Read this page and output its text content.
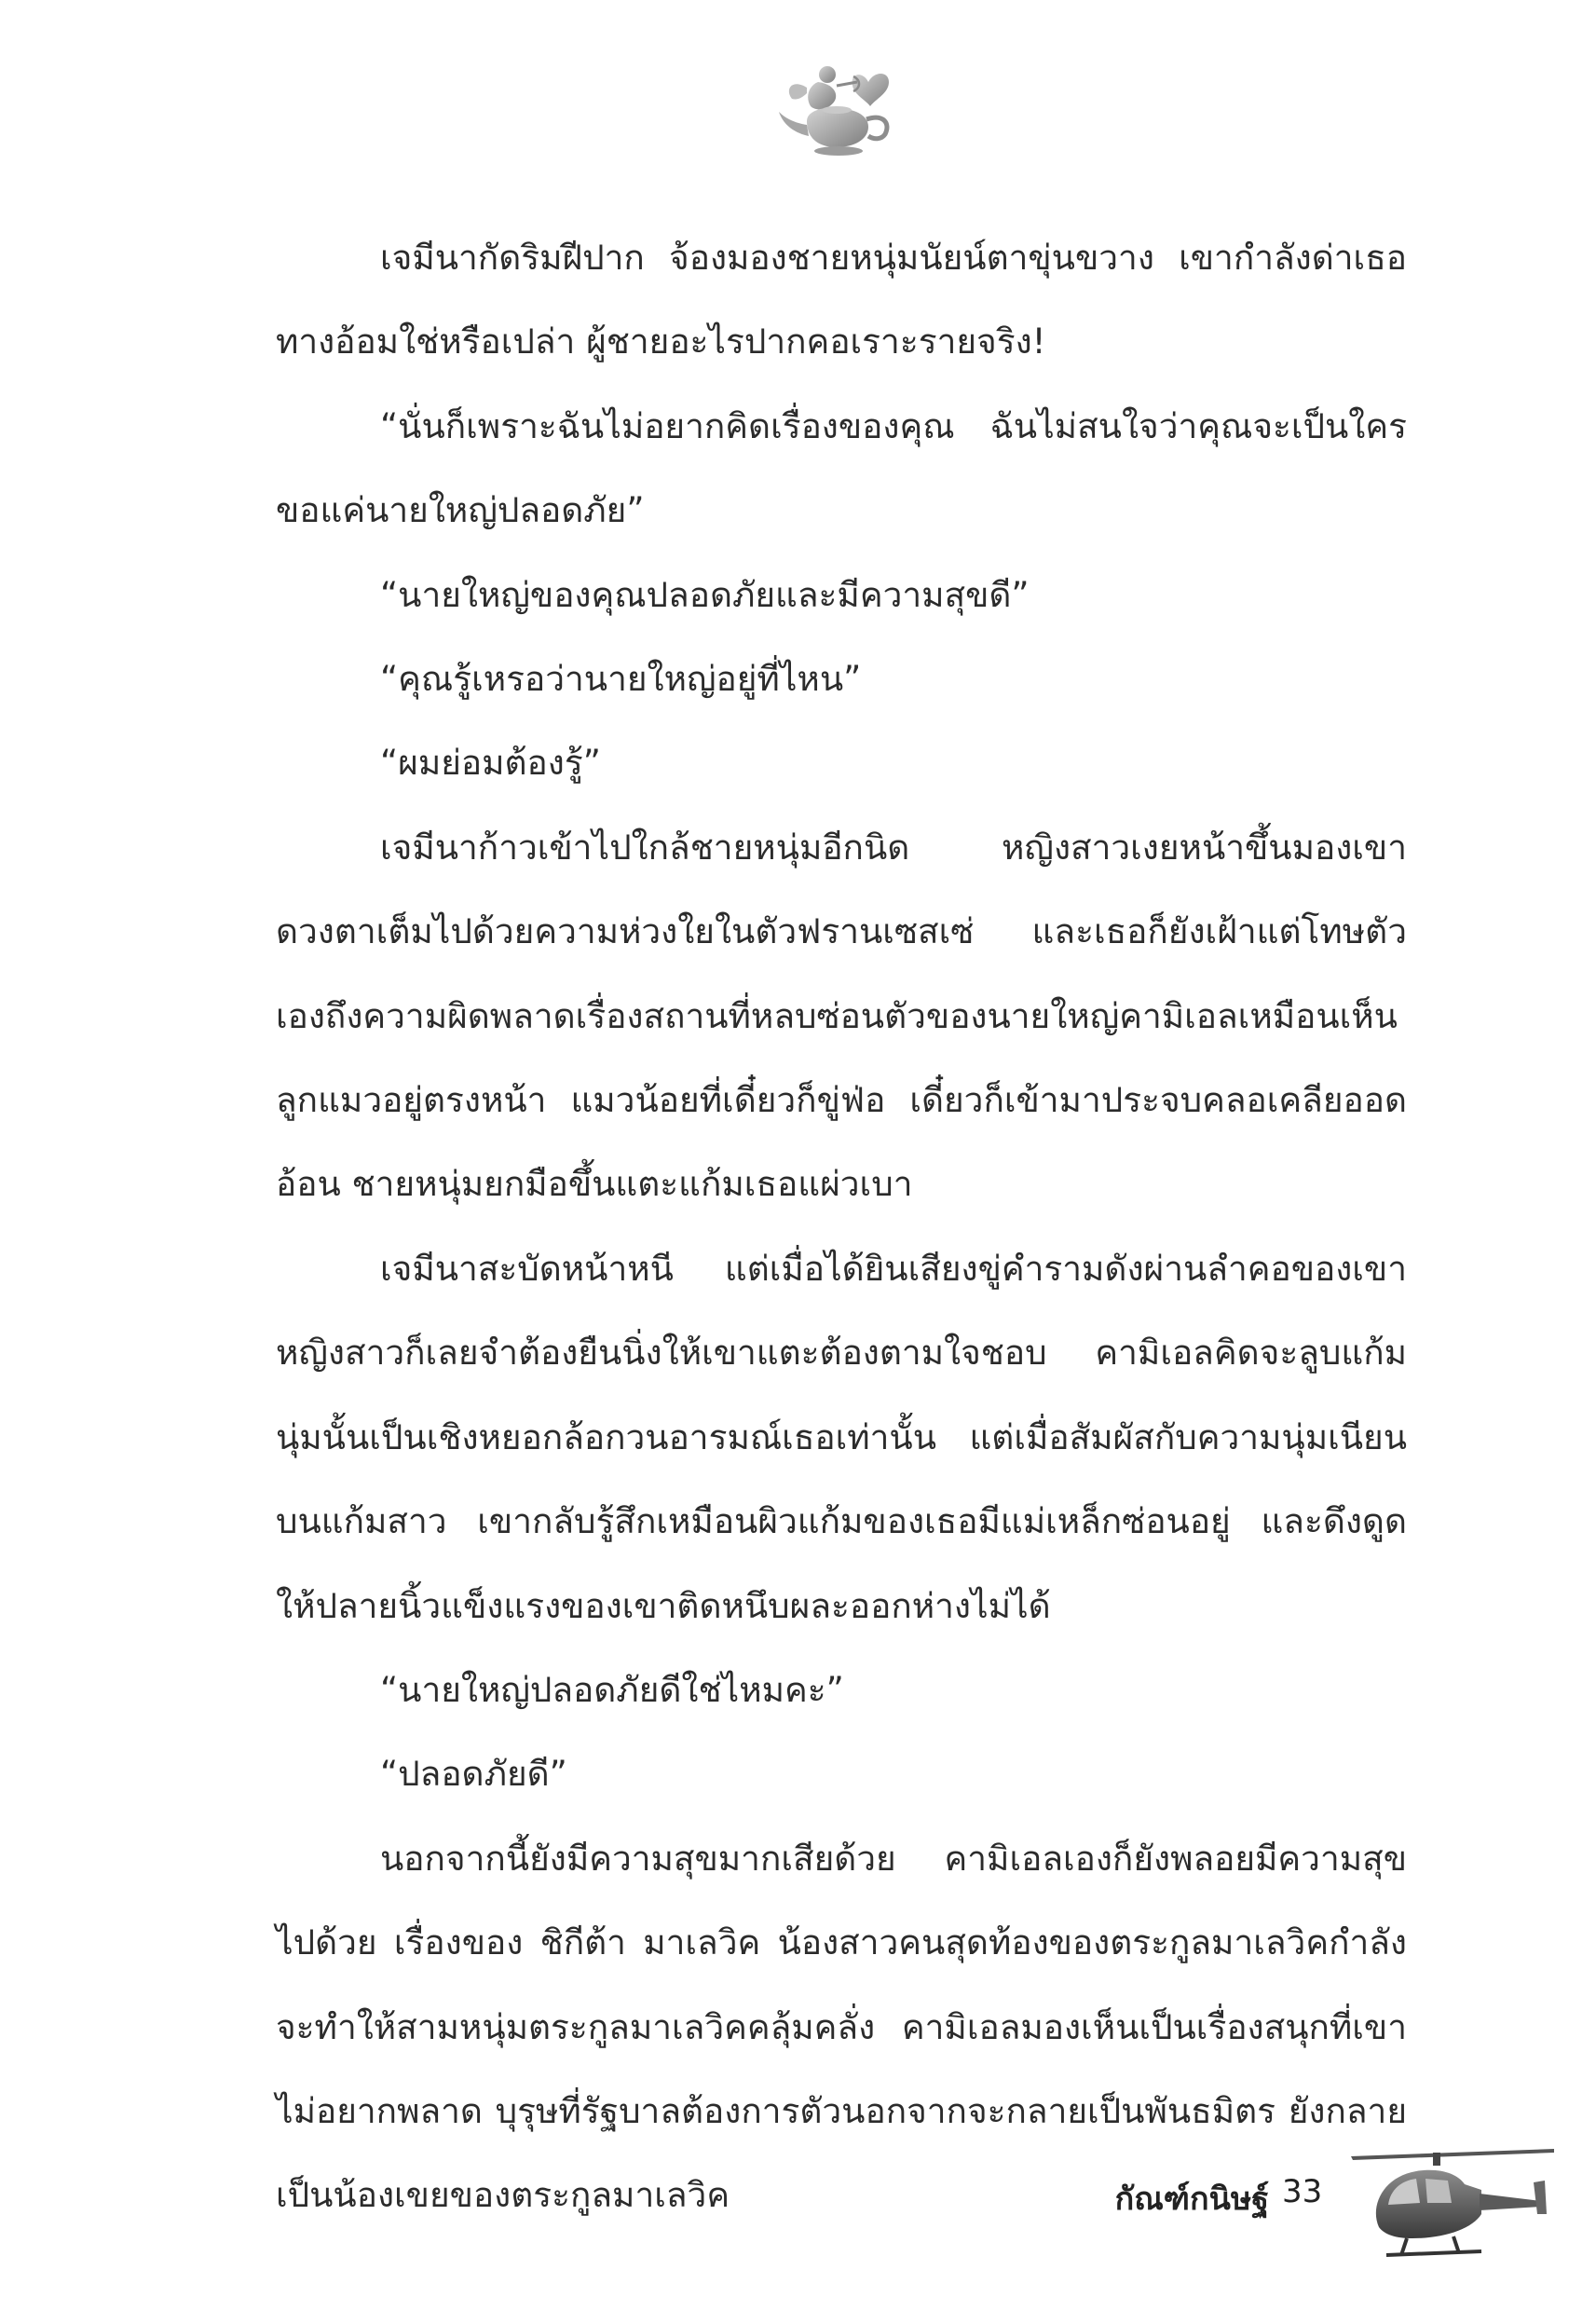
เจมีนากัดริมฝีปาก จ้องมองชายหนุ่มนัยน์ตาขุ่นขวาง เขากำลังด่าเธอทางอ้อมใช่หรือเปล่า ผู้ชายอะไรปากคอเราะรายจริง!

“นั่นก็เพราะฉันไม่อยากคิดเรื่องของคุณ ฉันไม่สนใจว่าคุณจะเป็นใคร ขอแค่นายใหญ่ปลอดภัย”

“นายใหญ่ของคุณปลอดภัยและมีความสุขดี”

“คุณรู้เหรอว่านายใหญ่อยู่ที่ไหน”

“ผมย่อมต้องรู้”

เจมีนาก้าวเข้าไปใกล้ชายหนุ่มอีกนิด หญิงสาวเงยหน้าขึ้นมองเขาดวงตาเต็มไปด้วยความห่วงใยในตัวฟรานเซสเซ่ และเธอก็ยังเฝ้าแต่โทษตัวเองถึงความผิดพลาดเรื่องสถานที่หลบซ่อนตัวของนายใหญ่คามิเอลเหมือนเห็นลูกแมวอยู่ตรงหน้า แมวน้อยที่เดี๋ยวก็ขู่ฟ่อ เดี๋ยวก็เข้ามาประจบคลอเคลียออดอ้อน ชายหนุ่มยกมือขึ้นแตะแก้มเธอแผ่วเบา

เจมีนาสะบัดหน้าหนี แต่เมื่อได้ยินเสียงขู่คำรามดังผ่านลำคอของเขา หญิงสาวก็เลยจำต้องยืนนิ่งให้เขาแตะต้องตามใจชอบ คามิเอลคิดจะลูบแก้มนุ่มนั้นเป็นเชิงหยอกล้อกวนอารมณ์เธอเท่านั้น แต่เมื่อสัมผัสกับความนุ่มเนียนบนแก้มสาว เขากลับรู้สึกเหมือนผิวแก้มของเธอมีแม่เหล็กซ่อนอยู่ และดึงดูดให้ปลายนิ้วแข็งแรงของเขาติดหนึบผละออกห่างไม่ได้

“นายใหญ่ปลอดภัยดีใช่ไหมคะ”

“ปลอดภัยดี”

นอกจากนี้ยังมีความสุขมากเสียด้วย คามิเอลเองก็ยังพลอยมีความสุขไปด้วย เรื่องของ ชิกีต้า มาเลวิค น้องสาวคนสุดท้องของตระกูลมาเลวิคกำลังจะทำให้สามหนุ่มตระกูลมาเลวิคคลุ้มคลั่ง คามิเอลมองเห็นเป็นเรื่องสนุกที่เขาไม่อยากพลาด บุรุษที่รัฐบาลต้องการตัวนอกจากจะกลายเป็นพันธมิตร ยังกลายเป็นน้องเขยของตระกูลมาเลวิค	กัณฑ์กนิษฐ์ 33
